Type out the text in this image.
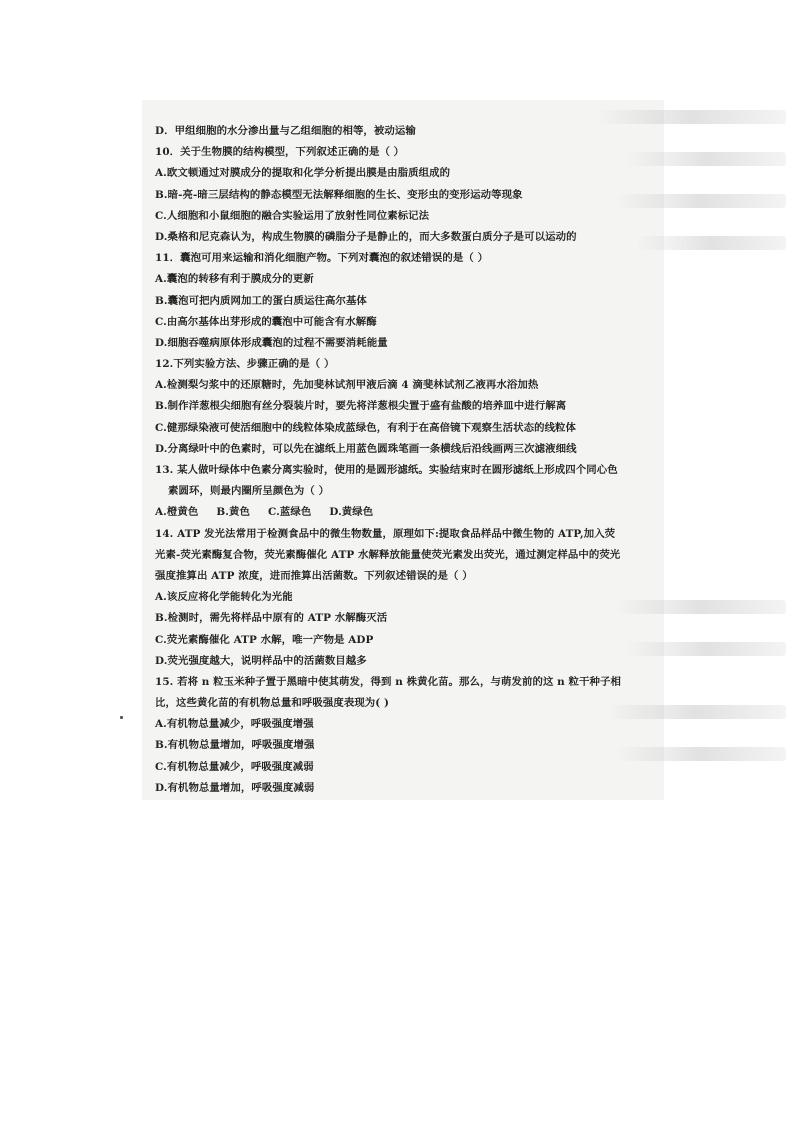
D．甲组细胞的水分渗出量与乙组细胞的相等，被动运输
10．关于生物膜的结构模型，下列叙述正确的是（ ）
A.欧文顿通过对膜成分的提取和化学分析提出膜是由脂质组成的
B.暗-亮-暗三层结构的静态模型无法解释细胞的生长、变形虫的变形运动等现象
C.人细胞和小鼠细胞的融合实验运用了放射性同位素标记法
D.桑格和尼克森认为，构成生物膜的磷脂分子是静止的，而大多数蛋白质分子是可以运动的
11．囊泡可用来运输和消化细胞产物。下列对囊泡的叙述错误的是（ ）
A.囊泡的转移有利于膜成分的更新
B.囊泡可把内质网加工的蛋白质运往高尔基体
C.由高尔基体出芽形成的囊泡中可能含有水解酶
D.细胞吞噬病原体形成囊泡的过程不需要消耗能量
12.下列实验方法、步骤正确的是（ ）
A.检测梨匀浆中的还原糖时，先加斐林试剂甲液后滴 4 滴斐林试剂乙液再水浴加热
B.制作洋葱根尖细胞有丝分裂装片时，要先将洋葱根尖置于盛有盐酸的培养皿中进行解离
C.健那绿染液可使活细胞中的线粒体染成蓝绿色，有利于在高倍镜下观察生活状态的线粒体
D.分离绿叶中的色素时，可以先在滤纸上用蓝色圆珠笔画一条横线后沿线画两三次滤液细线
13. 某人做叶绿体中色素分离实验时，使用的是圆形滤纸。实验结束时在圆形滤纸上形成四个同心色
素圆环，则最内圈所呈颜色为（ ）
A.橙黄色 B.黄色 C.蓝绿色 D.黄绿色
14. ATP 发光法常用于检测食品中的微生物数量，原理如下:提取食品样品中微生物的 ATP,加入荧
光素-荧光素酶复合物，荧光素酶催化 ATP 水解释放能量使荧光素发出荧光，通过测定样品中的荧光
强度推算出 ATP 浓度，进而推算出活菌数。下列叙述错误的是（ ）
A.该反应将化学能转化为光能
B.检测时，需先将样品中原有的 ATP 水解酶灭活
C.荧光素酶催化 ATP 水解，唯一产物是 ADP
D.荧光强度越大，说明样品中的活菌数目越多
15. 若将 n 粒玉米种子置于黑暗中使其萌发，得到 n 株黄化苗。那么，与萌发前的这 n 粒干种子相
比，这些黄化苗的有机物总量和呼吸强度表现为( )
A.有机物总量减少，呼吸强度增强
B.有机物总量增加，呼吸强度增强
C.有机物总量减少，呼吸强度减弱
D.有机物总量增加，呼吸强度减弱
